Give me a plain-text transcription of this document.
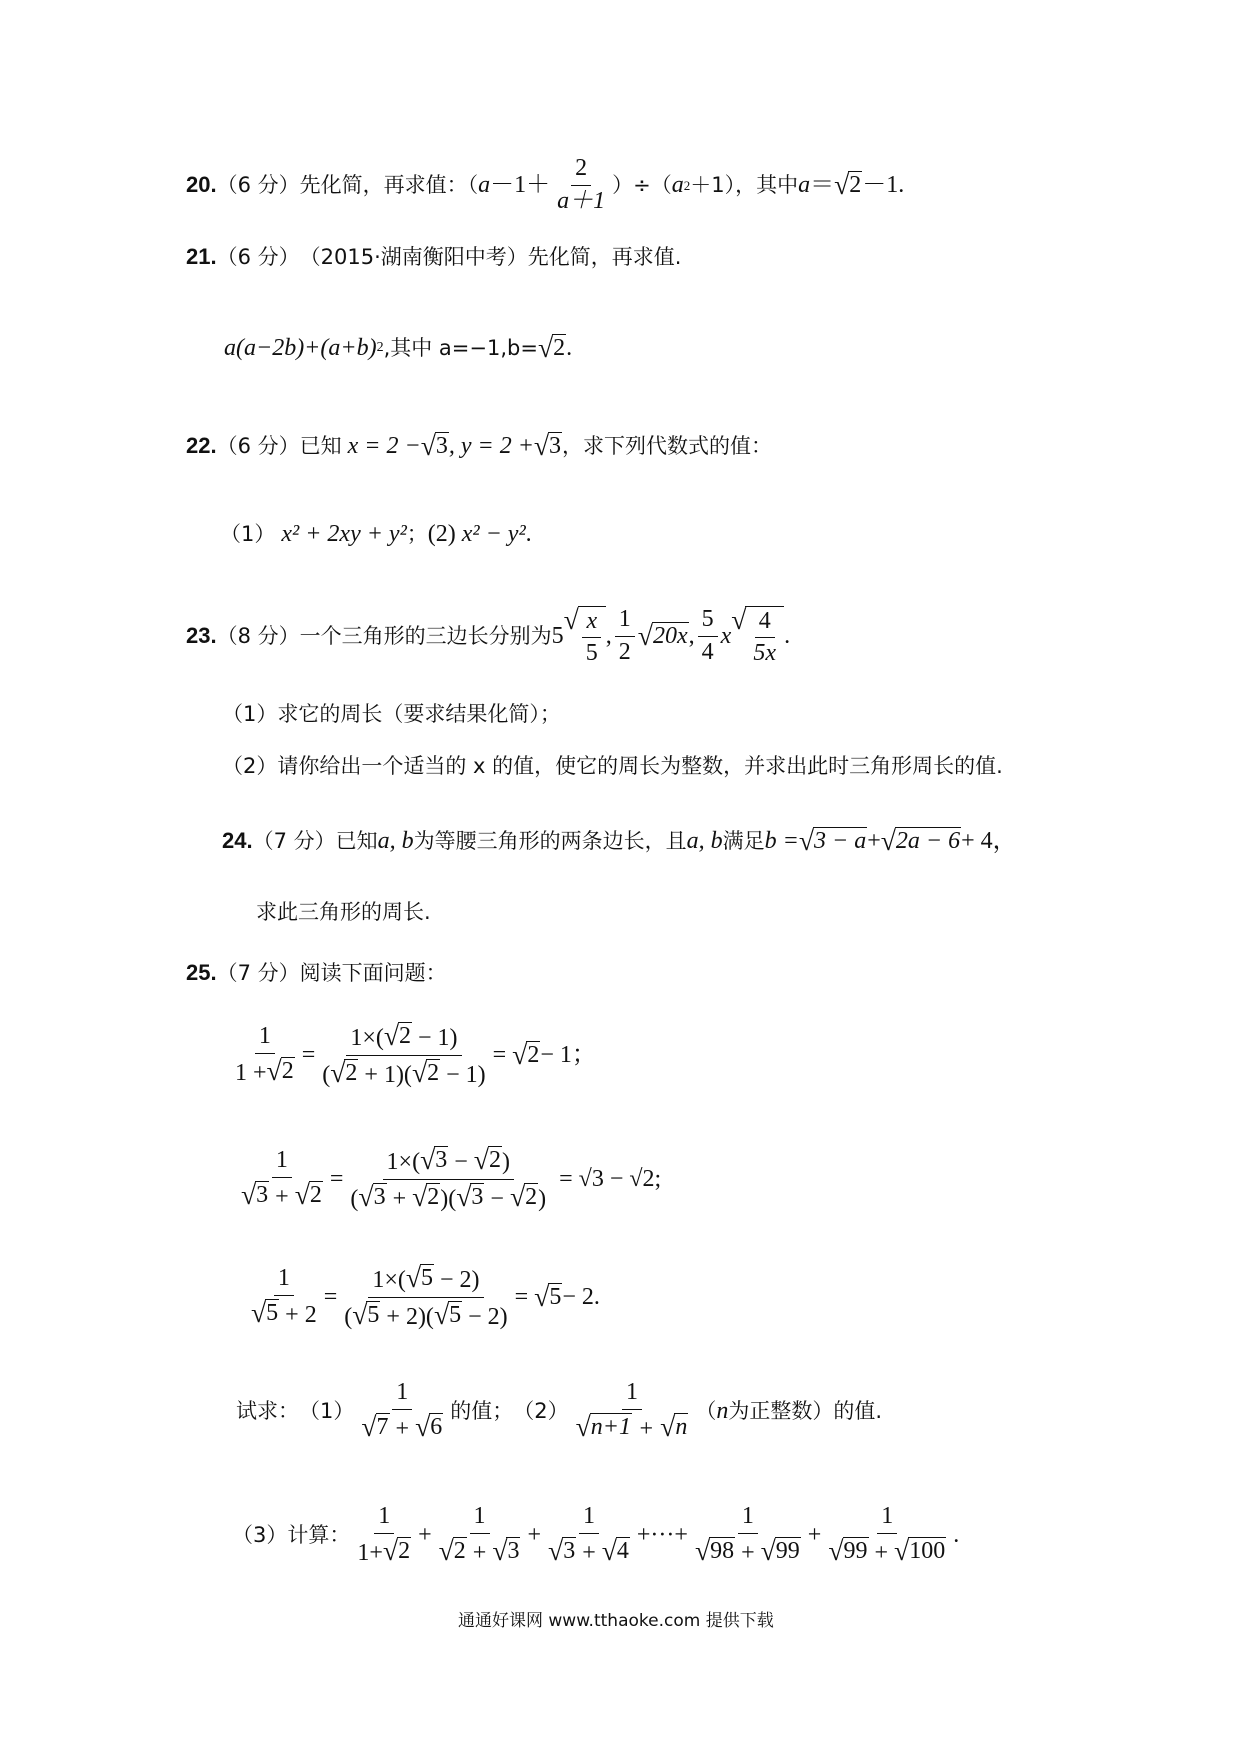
20. （6 分） 先化简，再求值：（ $a -1+ \frac{2}{a+1}$ ）÷（ a 2 ＋1），其中 a ＝ √ 2 －1.
21. （6 分） （2015·湖南衡阳中考）先化简，再求值.
a(a−2b)+(a+b) 2 ,其中 a=−1,b= √ 2 .
22. （6 分） 已知 x = 2 − √ 3 , y = 2 + √ 3 ，求下列代数式的值：
（1） x² + 2xy + y² ； (2) x² − y² .
23. （8 分） 一个三角形的三边长分别为 5
√ $\frac{x}{5}$ , $\frac{1}{2}$ √ 20x , $\frac{5}{4}$ x
√ $\frac{4}{5x}$ .
（1）求它的周长（要求结果化简）；
（2）请你给出一个适当的 x 的值，使它的周长为整数，并求出此时三角形周长的值.
24. （7 分） 已知 a, b 为等腰三角形的两条边长，且 a, b 满足 b = √ 3 − a + √ 2a − 6 + 4，
求此三角形的周长.
25. （7 分） 阅读下面问题：
$\frac{1}{1 + √ 2} = \frac{1\times( √ 2 - 1)}{( √ 2 + 1)( √ 2 - 1)}$ = √ 2 − 1；
$\frac{1}{√ 3 + √ 2} = \frac{1\times( √ 3 - √ 2 )}{( √ 3 + √ 2 )( √ 3 - √ 2 )} = √3 - √2$;
$\frac{1}{√ 5 + 2} = \frac{1\times( √ 5 - 2)}{( √ 5 + 2)( √ 5 - 2)}$ = √ 5 − 2.
试求： $(1) \frac{1}{√ 7 + √ 6}$ 的值； $(2) \frac{1}{√ n+1 + √ n}$ （ n 为正整数）的值.
（3）计算： $\frac{1}{1+ √ 2} + \frac{1}{√ 2 + √ 3} + \frac{1}{√ 3 + √ 4}$ +···+ $\frac{1}{√ 98 + √ 99} + \frac{1}{√ 99 + √ 100}$ .
通通好课网 www.tthaoke.com 提供下载
